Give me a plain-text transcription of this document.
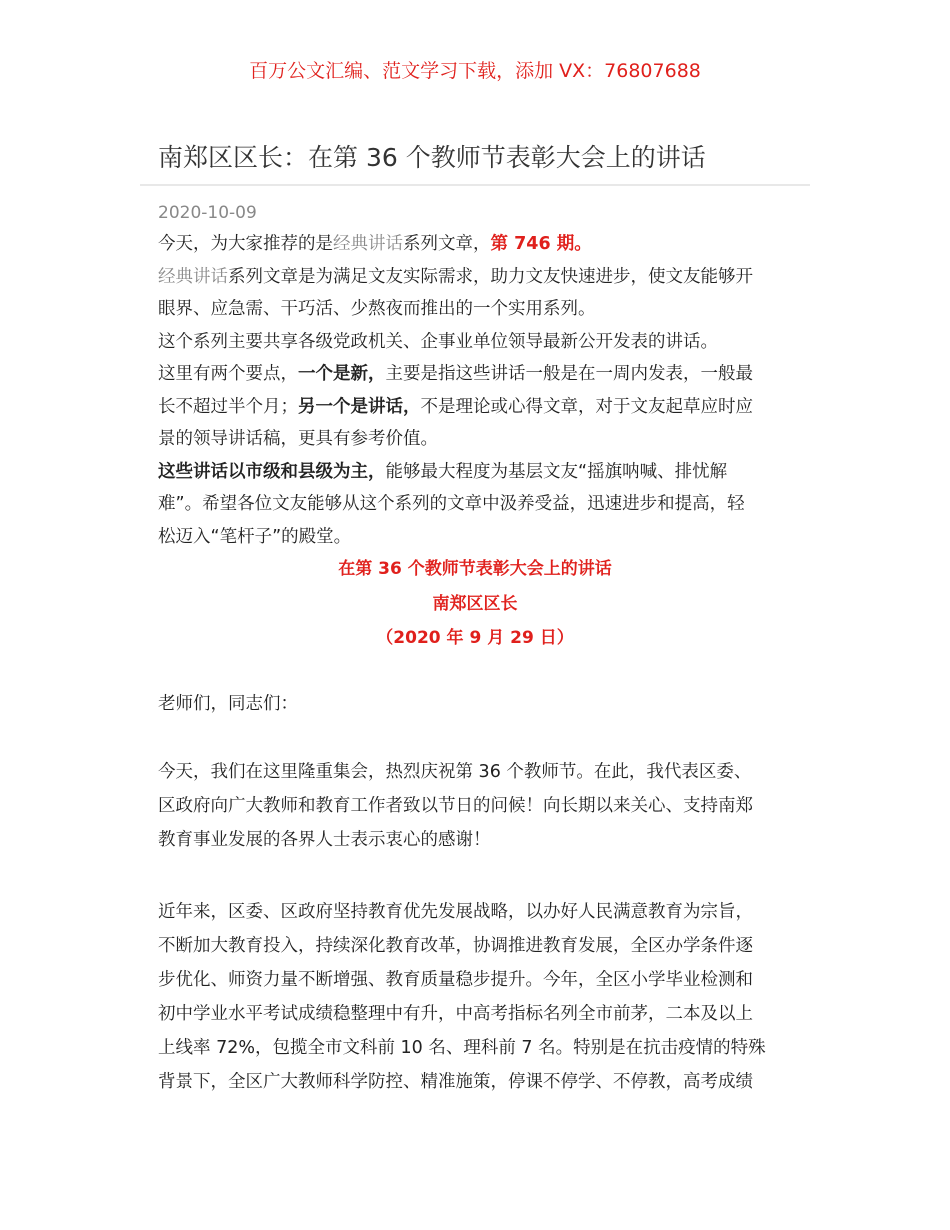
百万公文汇编、范文学习下载，添加 VX：76807688
南郑区区长：在第 36 个教师节表彰大会上的讲话
2020-10-09
今天，为大家推荐的是经典讲话系列文章，第 746 期。
经典讲话系列文章是为满足文友实际需求，助力文友快速进步，使文友能够开
眼界、应急需、干巧活、少熬夜而推出的一个实用系列。
这个系列主要共享各级党政机关、企事业单位领导最新公开发表的讲话。
这里有两个要点，一个是新，主要是指这些讲话一般是在一周内发表，一般最
长不超过半个月；另一个是讲话，不是理论或心得文章，对于文友起草应时应
景的领导讲话稿，更具有参考价值。
这些讲话以市级和县级为主，能够最大程度为基层文友“摇旗呐喊、排忧解
难”。希望各位文友能够从这个系列的文章中汲养受益，迅速进步和提高，轻
松迈入“笔杆子”的殿堂。
在第 36 个教师节表彰大会上的讲话
南郑区区长
（2020 年 9 月 29 日）
老师们，同志们：
今天，我们在这里隆重集会，热烈庆祝第 36 个教师节。在此，我代表区委、
区政府向广大教师和教育工作者致以节日的问候！向长期以来关心、支持南郑
教育事业发展的各界人士表示衷心的感谢！
近年来，区委、区政府坚持教育优先发展战略，以办好人民满意教育为宗旨，
不断加大教育投入，持续深化教育改革，协调推进教育发展，全区办学条件逐
步优化、师资力量不断增强、教育质量稳步提升。今年，全区小学毕业检测和
初中学业水平考试成绩稳整理中有升，中高考指标名列全市前茅，二本及以上
上线率 72%，包揽全市文科前 10 名、理科前 7 名。特别是在抗击疫情的特殊
背景下，全区广大教师科学防控、精准施策，停课不停学、不停教，高考成绩
